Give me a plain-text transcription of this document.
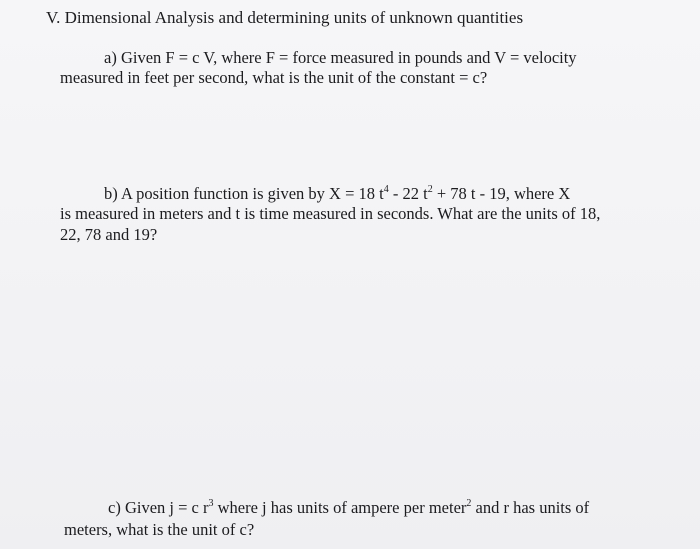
V. Dimensional Analysis and determining units of unknown quantities
a) Given F = c V, where F = force measured in pounds and V = velocity
measured in feet per second, what is the unit of the constant = c?
b) A position function is given by X = 18 $t^4 - 22$ $t^2 + 78$ t - 19, where X
is measured in meters and t is time measured in seconds. What are the units of 18,
22, 78 and 19?
c) Given j = c $r^3$ where j has units of ampere per meter$^2$ and r has units of
meters, what is the unit of c?
